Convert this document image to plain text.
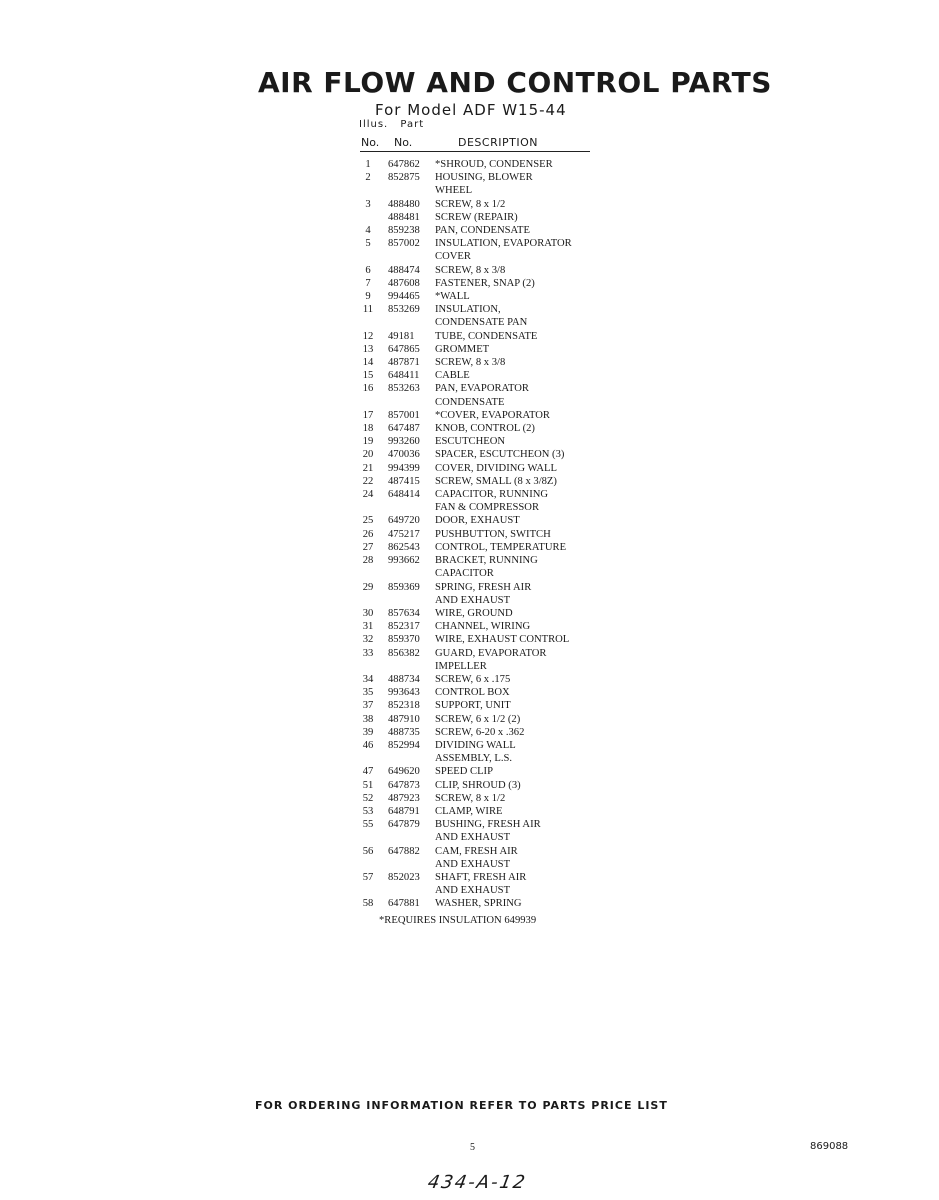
AIR FLOW AND CONTROL PARTS
For Model ADF W15-44
Illus. Part
No. No.	DESCRIPTION
1	647862 *SHROUD, CONDENSER
2	852875 HOUSING, BLOWER
WHEEL
3	488480 SCREW, 8 x 1/2
488481 SCREW (REPAIR)
4	859238 PAN, CONDENSATE
5	857002 INSULATION, EVAPORATOR
COVER
6	488474 SCREW, 8 x 3/8
7	487608 FASTENER, SNAP (2)
9	994465 *WALL
11 853269 INSULATION,
CONDENSATE PAN
12 49181 TUBE, CONDENSATE
13 647865 GROMMET
14 487871 SCREW, 8 x 3/8
15 648411 CABLE
16 853263 PAN, EVAPORATOR
CONDENSATE
17 857001 *COVER, EVAPORATOR
18 647487 KNOB, CONTROL (2)
19 993260 ESCUTCHEON
20 470036 SPACER, ESCUTCHEON (3)
21 994399 COVER, DIVIDING WALL
22 487415 SCREW, SMALL (8 x 3/8Z)
24 648414 CAPACITOR, RUNNING
FAN & COMPRESSOR
25 649720 DOOR, EXHAUST
26 475217 PUSHBUTTON, SWITCH
27 862543 CONTROL, TEMPERATURE
28 993662 BRACKET, RUNNING
CAPACITOR
29 859369 SPRING, FRESH AIR
AND EXHAUST
30 857634 WIRE, GROUND
31 852317 CHANNEL, WIRING
32 859370 WIRE, EXHAUST CONTROL
33 856382 GUARD, EVAPORATOR
IMPELLER
34 488734 SCREW, 6 x .175
35 993643 CONTROL BOX
37 852318 SUPPORT, UNIT
38 487910 SCREW, 6 x 1/2 (2)
39 488735 SCREW, 6-20 x .362
46 852994 DIVIDING WALL
ASSEMBLY, L.S.
47 649620 SPEED CLIP
51 647873 CLIP, SHROUD (3)
52 487923 SCREW, 8 x 1/2
53 648791 CLAMP, WIRE
55 647879 BUSHING, FRESH AIR
AND EXHAUST
56 647882 CAM, FRESH AIR
AND EXHAUST
57 852023 SHAFT, FRESH AIR
AND EXHAUST
58 647881 WASHER, SPRING
*REQUIRES INSULATION 649939
FOR ORDERING INFORMATION REFER TO PARTS PRICE LIST
5	869088
434-A-12
